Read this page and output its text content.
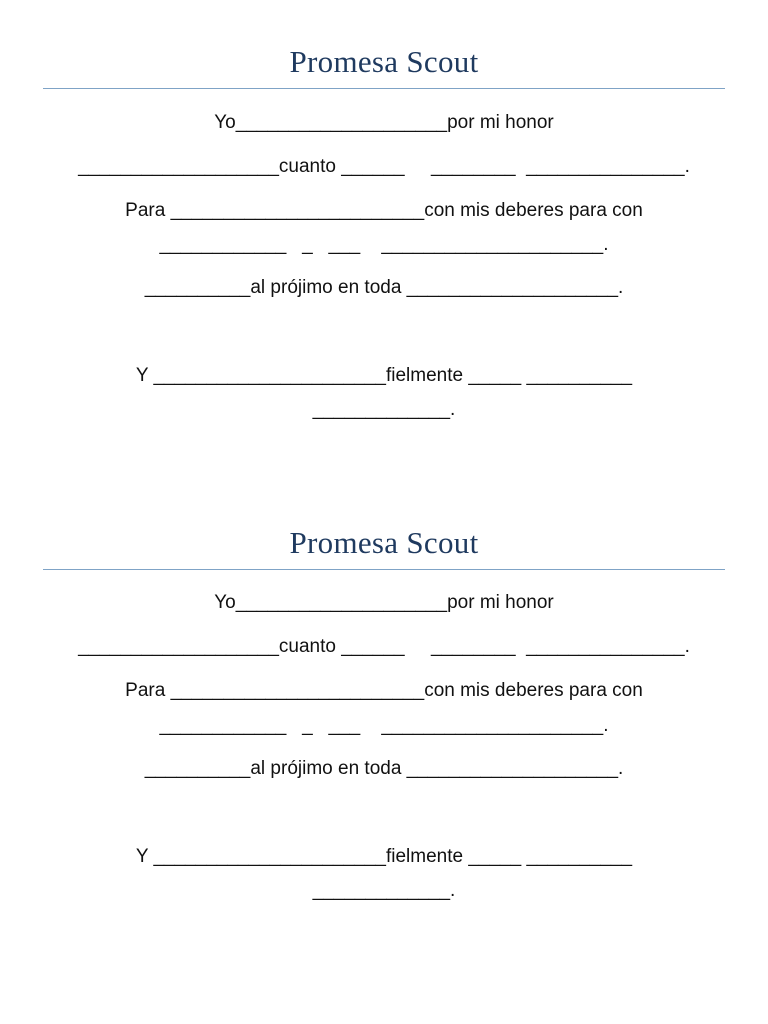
Promesa Scout
Yo____________________por mi honor
___________________cuanto ______     ________  _______________.
Para ________________________con mis deberes para con
____________   _   ___    _____________________.
__________al prójimo en toda ____________________.
Y ______________________fielmente _____ __________
_____________.
Promesa Scout
Yo____________________por mi honor
___________________cuanto ______     ________  _______________.
Para ________________________con mis deberes para con
____________   _   ___    _____________________.
__________al prójimo en toda ____________________.
Y ______________________fielmente _____ __________
_____________.
